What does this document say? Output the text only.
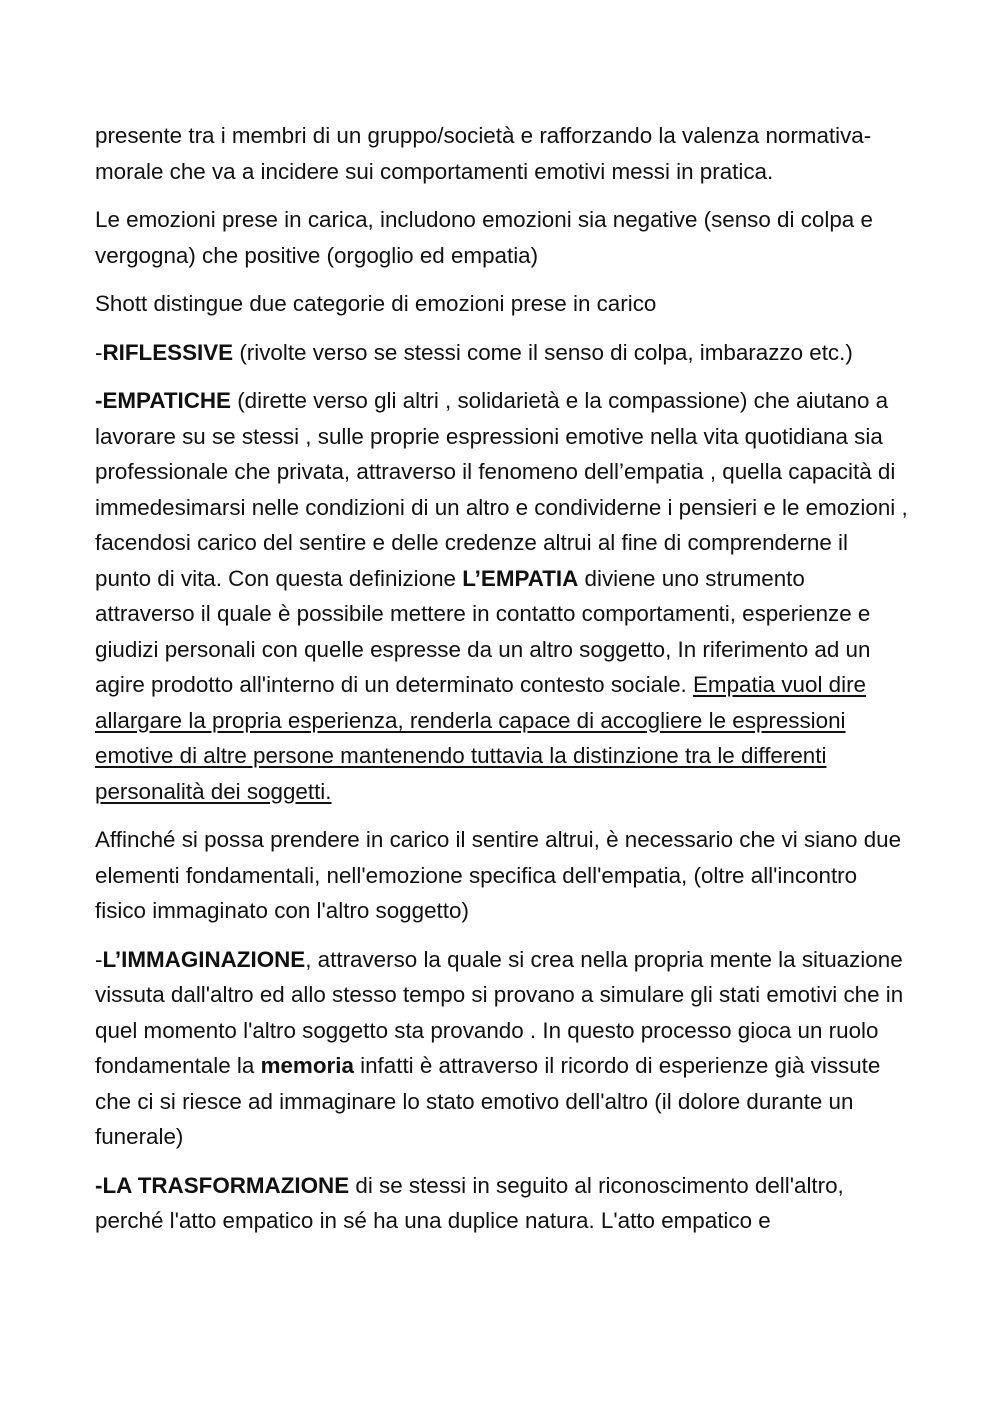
presente tra i membri di un gruppo/società e rafforzando la valenza normativa-morale che va a incidere sui comportamenti emotivi messi in pratica.

Le emozioni prese in carica, includono emozioni sia negative (senso di colpa e vergogna) che positive (orgoglio ed empatia)

Shott distingue due categorie di emozioni prese in carico

-RIFLESSIVE (rivolte verso se stessi come il senso di colpa, imbarazzo etc.)

-EMPATICHE (dirette verso gli altri , solidarietà e la compassione) che aiutano a lavorare su se stessi , sulle proprie espressioni emotive nella vita quotidiana sia professionale che privata, attraverso il fenomeno dell’empatia , quella capacità di immedesimarsi nelle condizioni di un altro e condividerne i pensieri e le emozioni , facendosi carico del sentire e delle credenze altrui al fine di comprenderne il punto di vita. Con questa definizione L’EMPATIA diviene uno strumento attraverso il quale è possibile mettere in contatto comportamenti, esperienze e giudizi personali con quelle espresse da un altro soggetto, In riferimento ad un agire prodotto all'interno di un determinato contesto sociale. Empatia vuol dire allargare la propria esperienza, renderla capace di accogliere le espressioni emotive di altre persone mantenendo tuttavia la distinzione tra le differenti personalità dei soggetti.

Affinché si possa prendere in carico il sentire altrui, è necessario che vi siano due elementi fondamentali, nell'emozione specifica dell'empatia, (oltre all'incontro fisico immaginato con l'altro soggetto)

-L’IMMAGINAZIONE, attraverso la quale si crea nella propria mente la situazione vissuta dall'altro ed allo stesso tempo si provano a simulare gli stati emotivi che in quel momento l'altro soggetto sta provando . In questo processo gioca un ruolo fondamentale la memoria infatti è attraverso il ricordo di esperienze già vissute che ci si riesce ad immaginare lo stato emotivo dell'altro (il dolore durante un funerale)

-LA TRASFORMAZIONE di se stessi in seguito al riconoscimento dell'altro, perché l'atto empatico in sé ha una duplice natura. L'atto empatico e
